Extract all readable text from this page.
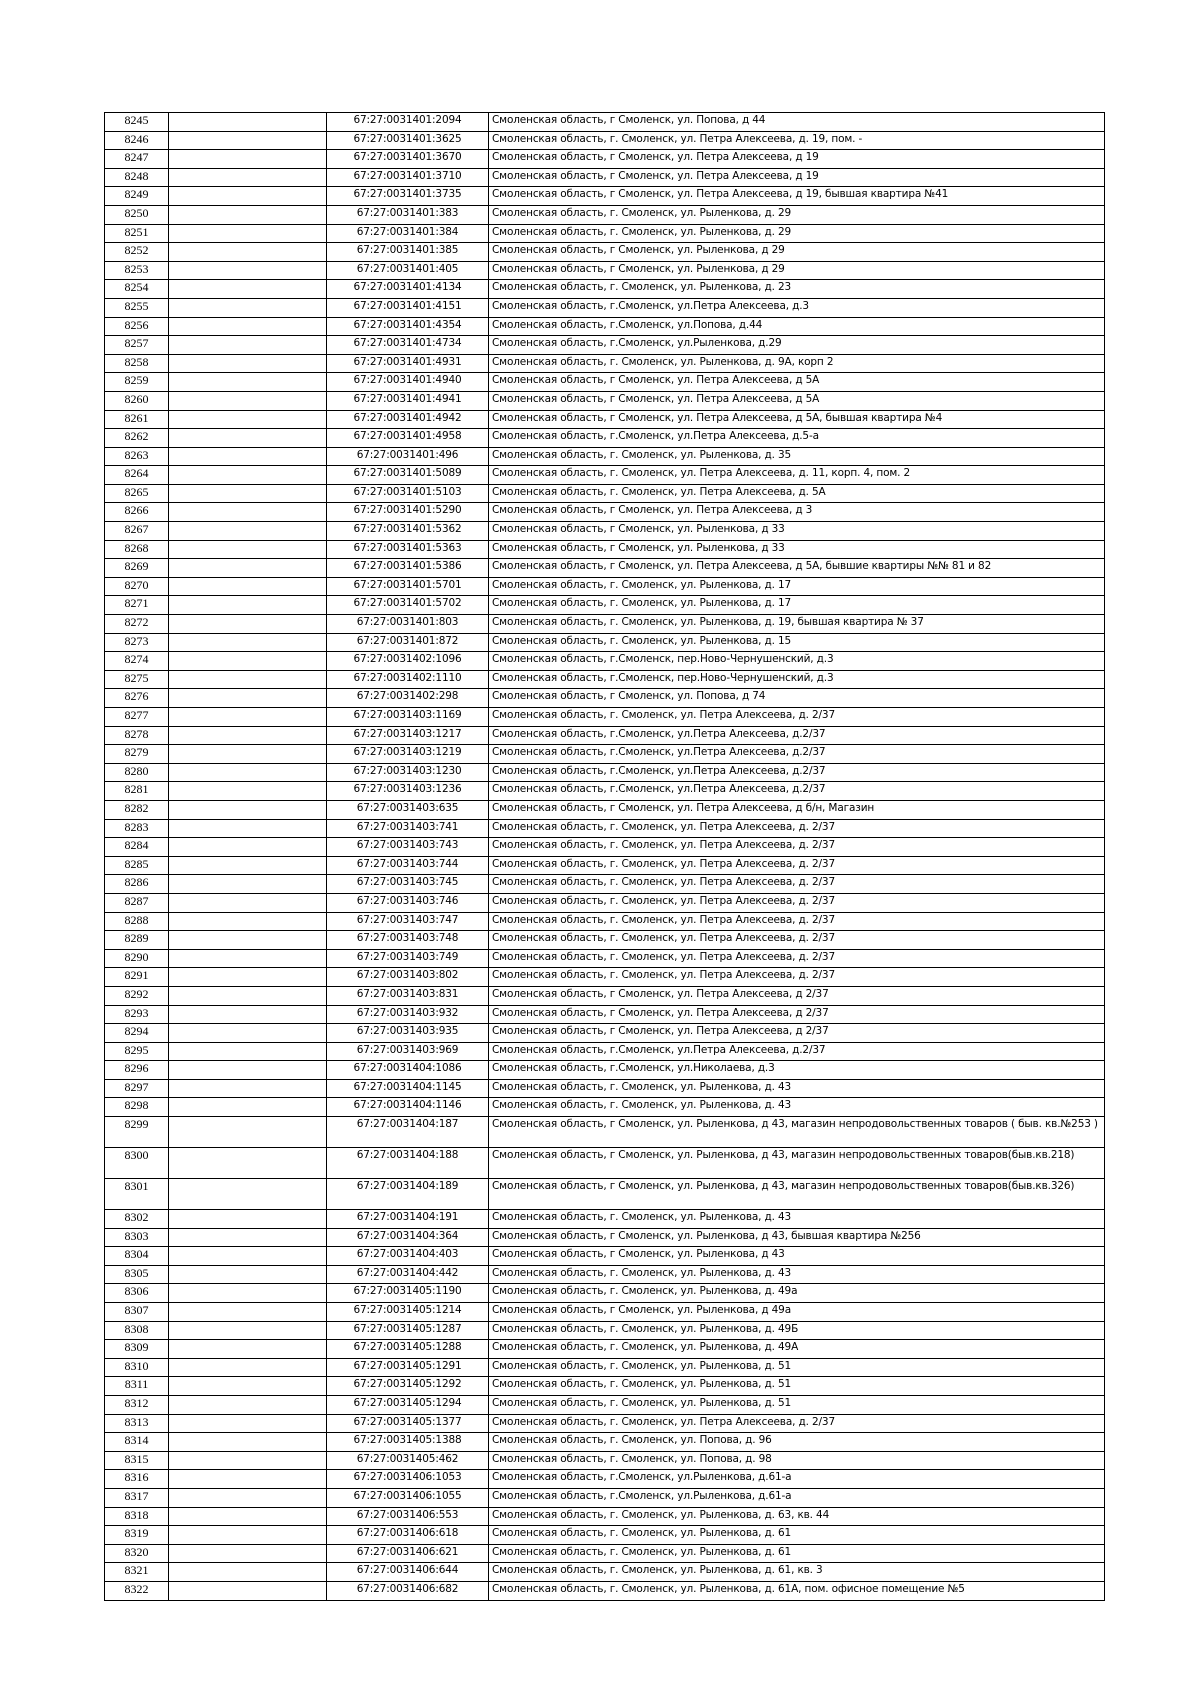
8245		67:27:0031401:2094	Смоленская область, г Смоленск, ул. Попова, д 44
8246		67:27:0031401:3625	Смоленская область, г. Смоленск, ул. Петра Алексеева, д. 19, пом. -
8247		67:27:0031401:3670	Смоленская область, г Смоленск, ул. Петра Алексеева, д 19
8248		67:27:0031401:3710	Смоленская область, г Смоленск, ул. Петра Алексеева, д 19
8249		67:27:0031401:3735	Смоленская область, г Смоленск, ул. Петра Алексеева, д 19, бывшая квартира №41
8250		67:27:0031401:383	Смоленская область, г. Смоленск, ул. Рыленкова, д. 29
8251		67:27:0031401:384	Смоленская область, г. Смоленск, ул. Рыленкова, д. 29
8252		67:27:0031401:385	Смоленская область, г Смоленск, ул. Рыленкова, д 29
8253		67:27:0031401:405	Смоленская область, г Смоленск, ул. Рыленкова, д 29
8254		67:27:0031401:4134	Смоленская область, г. Смоленск, ул. Рыленкова, д. 23
8255		67:27:0031401:4151	Смоленская область, г.Смоленск, ул.Петра Алексеева, д.3
8256		67:27:0031401:4354	Смоленская область, г.Смоленск, ул.Попова, д.44
8257		67:27:0031401:4734	Смоленская область, г.Смоленск, ул.Рыленкова, д.29
8258		67:27:0031401:4931	Смоленская область, г. Смоленск, ул. Рыленкова, д. 9А, корп 2
8259		67:27:0031401:4940	Смоленская область, г Смоленск, ул. Петра Алексеева, д 5А
8260		67:27:0031401:4941	Смоленская область, г Смоленск, ул. Петра Алексеева, д 5А
8261		67:27:0031401:4942	Смоленская область, г Смоленск, ул. Петра Алексеева, д 5А, бывшая квартира №4
8262		67:27:0031401:4958	Смоленская область, г.Смоленск, ул.Петра Алексеева, д.5-а
8263		67:27:0031401:496	Смоленская область, г. Смоленск, ул. Рыленкова, д. 35
8264		67:27:0031401:5089	Смоленская область, г. Смоленск, ул. Петра Алексеева, д. 11, корп. 4, пом. 2
8265		67:27:0031401:5103	Смоленская область, г. Смоленск, ул. Петра Алексеева, д. 5А
8266		67:27:0031401:5290	Смоленская область, г Смоленск, ул. Петра Алексеева, д 3
8267		67:27:0031401:5362	Смоленская область, г Смоленск, ул. Рыленкова, д 33
8268		67:27:0031401:5363	Смоленская область, г Смоленск, ул. Рыленкова, д 33
8269		67:27:0031401:5386	Смоленская область, г Смоленск, ул. Петра Алексеева, д 5А, бывшие квартиры №№ 81 и 82
8270		67:27:0031401:5701	Смоленская область, г. Смоленск, ул. Рыленкова, д. 17
8271		67:27:0031401:5702	Смоленская область, г. Смоленск, ул. Рыленкова, д. 17
8272		67:27:0031401:803	Смоленская область, г. Смоленск, ул. Рыленкова, д. 19, бывшая квартира № 37
8273		67:27:0031401:872	Смоленская область, г. Смоленск, ул. Рыленкова, д. 15
8274		67:27:0031402:1096	Смоленская область, г.Смоленск, пер.Ново-Чернушенский, д.3
8275		67:27:0031402:1110	Смоленская область, г.Смоленск, пер.Ново-Чернушенский, д.3
8276		67:27:0031402:298	Смоленская область, г Смоленск, ул. Попова, д 74
8277		67:27:0031403:1169	Смоленская область, г. Смоленск, ул. Петра Алексеева, д. 2/37
8278		67:27:0031403:1217	Смоленская область, г.Смоленск, ул.Петра Алексеева, д.2/37
8279		67:27:0031403:1219	Смоленская область, г.Смоленск, ул.Петра Алексеева, д.2/37
8280		67:27:0031403:1230	Смоленская область, г.Смоленск, ул.Петра Алексеева, д.2/37
8281		67:27:0031403:1236	Смоленская область, г.Смоленск, ул.Петра Алексеева, д.2/37
8282		67:27:0031403:635	Смоленская область, г Смоленск, ул. Петра Алексеева, д б/н, Магазин
8283		67:27:0031403:741	Смоленская область, г. Смоленск, ул. Петра Алексеева, д. 2/37
8284		67:27:0031403:743	Смоленская область, г. Смоленск, ул. Петра Алексеева, д. 2/37
8285		67:27:0031403:744	Смоленская область, г. Смоленск, ул. Петра Алексеева, д. 2/37
8286		67:27:0031403:745	Смоленская область, г. Смоленск, ул. Петра Алексеева, д. 2/37
8287		67:27:0031403:746	Смоленская область, г. Смоленск, ул. Петра Алексеева, д. 2/37
8288		67:27:0031403:747	Смоленская область, г. Смоленск, ул. Петра Алексеева, д. 2/37
8289		67:27:0031403:748	Смоленская область, г. Смоленск, ул. Петра Алексеева, д. 2/37
8290		67:27:0031403:749	Смоленская область, г. Смоленск, ул. Петра Алексеева, д. 2/37
8291		67:27:0031403:802	Смоленская область, г. Смоленск, ул. Петра Алексеева, д. 2/37
8292		67:27:0031403:831	Смоленская область, г Смоленск, ул. Петра Алексеева, д 2/37
8293		67:27:0031403:932	Смоленская область, г Смоленск, ул. Петра Алексеева, д 2/37
8294		67:27:0031403:935	Смоленская область, г Смоленск, ул. Петра Алексеева, д 2/37
8295		67:27:0031403:969	Смоленская область, г.Смоленск, ул.Петра Алексеева, д.2/37
8296		67:27:0031404:1086	Смоленская область, г.Смоленск, ул.Николаева, д.3
8297		67:27:0031404:1145	Смоленская область, г. Смоленск, ул. Рыленкова, д. 43
8298		67:27:0031404:1146	Смоленская область, г. Смоленск, ул. Рыленкова, д. 43
8299		67:27:0031404:187	Смоленская область, г Смоленск, ул. Рыленкова, д 43, магазин непродовольственных товаров ( быв. кв.№253 )
8300		67:27:0031404:188	Смоленская область, г Смоленск, ул. Рыленкова, д 43, магазин непродовольственных товаров(быв.кв.218)
8301		67:27:0031404:189	Смоленская область, г Смоленск, ул. Рыленкова, д 43, магазин непродовольственных товаров(быв.кв.326)
8302		67:27:0031404:191	Смоленская область, г. Смоленск, ул. Рыленкова, д. 43
8303		67:27:0031404:364	Смоленская область, г Смоленск, ул. Рыленкова, д 43, бывшая квартира №256
8304		67:27:0031404:403	Смоленская область, г Смоленск, ул. Рыленкова, д 43
8305		67:27:0031404:442	Смоленская область, г. Смоленск, ул. Рыленкова, д. 43
8306		67:27:0031405:1190	Смоленская область, г. Смоленск, ул. Рыленкова, д. 49а
8307		67:27:0031405:1214	Смоленская область, г Смоленск, ул. Рыленкова, д 49а
8308		67:27:0031405:1287	Смоленская область, г. Смоленск, ул. Рыленкова, д. 49Б
8309		67:27:0031405:1288	Смоленская область, г. Смоленск, ул. Рыленкова, д. 49А
8310		67:27:0031405:1291	Смоленская область, г. Смоленск, ул. Рыленкова, д. 51
8311		67:27:0031405:1292	Смоленская область, г. Смоленск, ул. Рыленкова, д. 51
8312		67:27:0031405:1294	Смоленская область, г. Смоленск, ул. Рыленкова, д. 51
8313		67:27:0031405:1377	Смоленская область, г. Смоленск, ул. Петра Алексеева, д. 2/37
8314		67:27:0031405:1388	Смоленская область, г. Смоленск, ул. Попова, д. 96
8315		67:27:0031405:462	Смоленская область, г. Смоленск, ул. Попова, д. 98
8316		67:27:0031406:1053	Смоленская область, г.Смоленск, ул.Рыленкова, д.61-а
8317		67:27:0031406:1055	Смоленская область, г.Смоленск, ул.Рыленкова, д.61-а
8318		67:27:0031406:553	Смоленская область, г. Смоленск, ул. Рыленкова, д. 63, кв. 44
8319		67:27:0031406:618	Смоленская область, г. Смоленск, ул. Рыленкова, д. 61
8320		67:27:0031406:621	Смоленская область, г. Смоленск, ул. Рыленкова, д. 61
8321		67:27:0031406:644	Смоленская область, г. Смоленск, ул. Рыленкова, д. 61, кв. 3
8322		67:27:0031406:682	Смоленская область, г. Смоленск, ул. Рыленкова, д. 61А, пом. офисное помещение №5
